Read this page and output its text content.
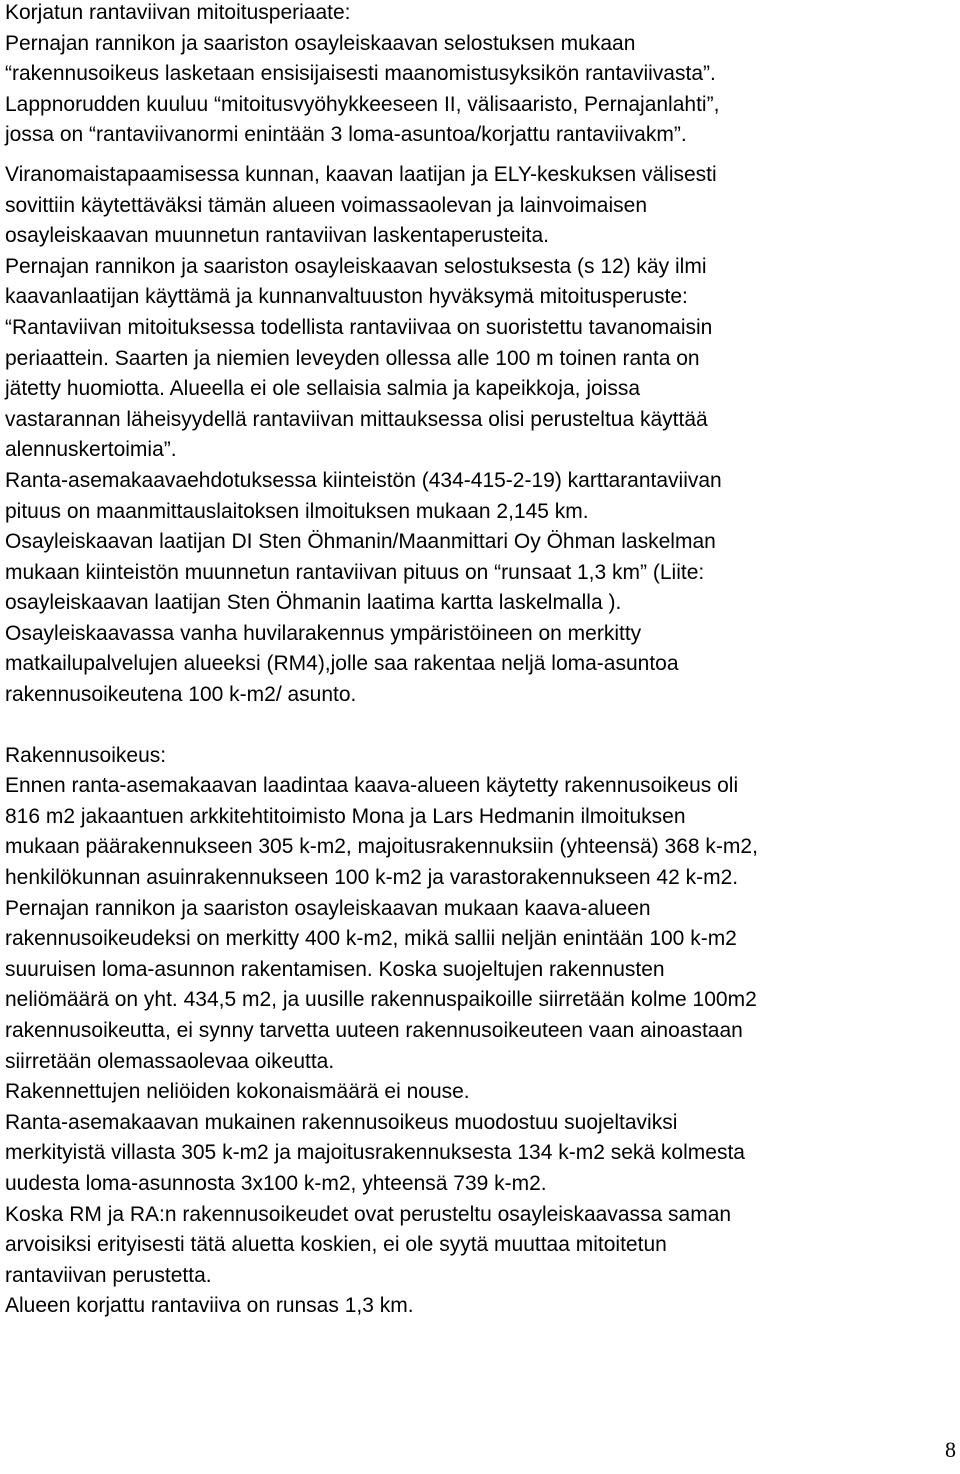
Korjatun rantaviivan mitoitusperiaate:
Pernajan rannikon ja saariston osayleiskaavan selostuksen mukaan
“rakennusoikeus lasketaan ensisijaisesti maanomistusyksikön rantaviivasta”.
Lappnorudden kuuluu “mitoitusvyöhykkeeseen II, välisaaristo, Pernajanlahti”,
jossa on “rantaviivanormi enintään 3 loma-asuntoa/korjattu rantaviivakm”.
Viranomaistapaamisessa kunnan, kaavan laatijan ja ELY-keskuksen välisesti
sovittiin käytettäväksi tämän alueen voimassaolevan ja lainvoimaisen
osayleiskaavan muunnetun rantaviivan laskentaperusteita.
Pernajan rannikon ja saariston osayleiskaavan selostuksesta (s 12) käy ilmi
kaavanlaatijan käyttämä ja kunnanvaltuuston hyväksymä mitoitusperuste:
“Rantaviivan mitoituksessa todellista rantaviivaa on suoristettu tavanomaisin
periaattein. Saarten ja niemien leveyden ollessa alle 100 m toinen ranta on
jätetty huomiotta. Alueella ei ole sellaisia salmia ja kapeikkoja, joissa
vastarannan läheisyydellä rantaviivan mittauksessa olisi perusteltua käyttää
alennuskertoimia”.
Ranta-asemakaavaehdotuksessa kiinteistön (434-415-2-19) karttarantaviivan
pituus on maanmittauslaitoksen ilmoituksen mukaan 2,145 km.
Osayleiskaavan laatijan DI Sten Öhmanin/Maanmittari Oy Öhman laskelman
mukaan kiinteistön muunnetun rantaviivan pituus on “runsaat 1,3 km” (Liite:
osayleiskaavan laatijan Sten Öhmanin laatima kartta laskelmalla ).
Osayleiskaavassa vanha huvilarakennus ympäristöineen on merkitty
matkailupalvelujen alueeksi (RM4),jolle saa rakentaa neljä loma-asuntoa
rakennusoikeutena 100 k-m2/ asunto.
Rakennusoikeus:
Ennen ranta-asemakaavan laadintaa kaava-alueen käytetty rakennusoikeus oli
816 m2 jakaantuen arkkitehtitoimisto Mona ja Lars Hedmanin ilmoituksen
mukaan päärakennukseen 305 k-m2, majoitusrakennuksiin (yhteensä) 368 k-m2,
henkilökunnan asuinrakennukseen 100 k-m2 ja varastorakennukseen 42 k-m2.
Pernajan rannikon ja saariston osayleiskaavan mukaan kaava-alueen
rakennusoikeudeksi on merkitty 400 k-m2, mikä sallii neljän enintään 100 k-m2
suuruisen loma-asunnon rakentamisen. Koska suojeltujen rakennusten
neliömäärä on yht. 434,5 m2, ja uusille rakennuspaikoille siirretään kolme 100m2
rakennusoikeutta, ei synny tarvetta uuteen rakennusoikeuteen vaan ainoastaan
siirretään olemassaolevaa oikeutta.
Rakennettujen neliöiden kokonaismäärä ei nouse.
Ranta-asemakaavan mukainen rakennusoikeus muodostuu suojeltaviksi
merkityistä villasta 305 k-m2 ja majoitusrakennuksesta 134 k-m2 sekä kolmesta
uudesta loma-asunnosta 3x100 k-m2, yhteensä 739 k-m2.
Koska RM ja RA:n rakennusoikeudet ovat perusteltu osayleiskaavassa saman
arvoisiksi erityisesti tätä aluetta koskien, ei ole syytä muuttaa mitoitetun
rantaviivan perustetta.
Alueen korjattu rantaviiva on runsas 1,3 km.
8
